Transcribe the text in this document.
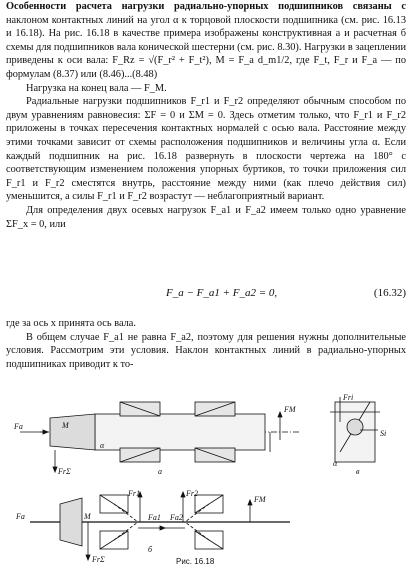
Особенности расчета нагрузки радиально-упорных подшипников связаны с наклоном контактных линий на угол α к торцовой плоскости подшипника (см. рис. 16.13 и 16.18). На рис. 16.18 в качестве примера изображены конструктивная а и расчетная б схемы для подшипников вала конической шестерни (см. рис. 8.30). Нагрузки в зацеплении приведены к оси вала: F_Rz = √(F_r² + F_t²), M = F_a d_m1/2, где F_t, F_r и F_a — по формулам (8.37) или (8.46)...(8.48)

Нагрузка на конец вала — F_M.

Радиальные нагрузки подшипников F_r1 и F_r2 определяют обычным способом по двум уравнениям равновесия: ΣF = 0 и ΣM = 0. Здесь отметим только, что F_r1 и F_r2 приложены в точках пересечения контактных нормалей с осью вала. Расстояние между этими точками зависит от схемы расположения подшипников и величины угла α. Если каждый подшипник на рис. 16.18 развернуть в плоскости чертежа на 180° с соответствующим изменением положения упорных буртиков, то точки приложения сил F_r1 и F_r2 сместятся внутрь, расстояние между ними (как плечо действия сил) уменьшится, а силы F_r1 и F_r2 возрастут — неблагоприятный вариант.

Для определения двух осевых нагрузок F_a1 и F_a2 имеем только одно уравнение ΣF_x = 0, или

F_a − F_a1 + F_a2 = 0,	(16.32)

где за ось x принята ось вала.

В общем случае F_a1 не равна F_a2, поэтому для решения нужны дополнительные условия. Рассмотрим эти условия. Наклон контактных линий в радиально-упорных подшипниках приводит к то-

Fa	M
α
FrΣ
FM
а
Fri
Si
α
в
Fa	M
Fr1	Fr2
Fa1 Fa2
FM
FrΣ
б
Рис. 16.18
